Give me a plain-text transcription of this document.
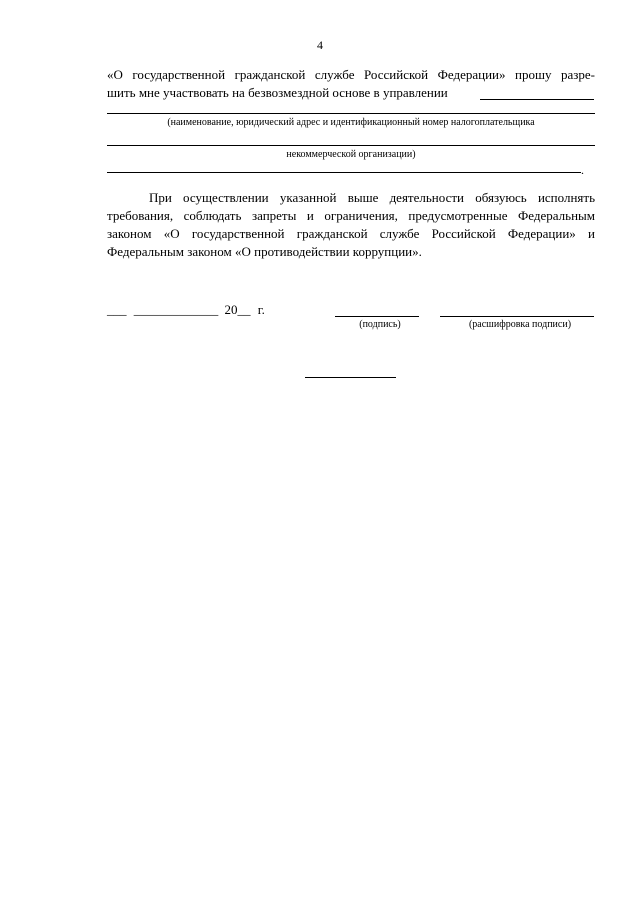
4
«О государственной гражданской службе Российской Федерации» прошу разре-
шить мне участвовать на безвозмездной основе в управлении
(наименование, юридический адрес и идентификационный номер налогоплательщика
некоммерческой организации)
.
При осуществлении указанной выше деятельности обязуюсь исполнять требования, соблюдать запреты и ограничения, предусмотренные Федеральным законом «О государственной гражданской службе Российской Федерации» и Федеральным законом «О противодействии коррупции».
___ _____________ 20__ г.
(подпись)	(расшифровка подписи)
